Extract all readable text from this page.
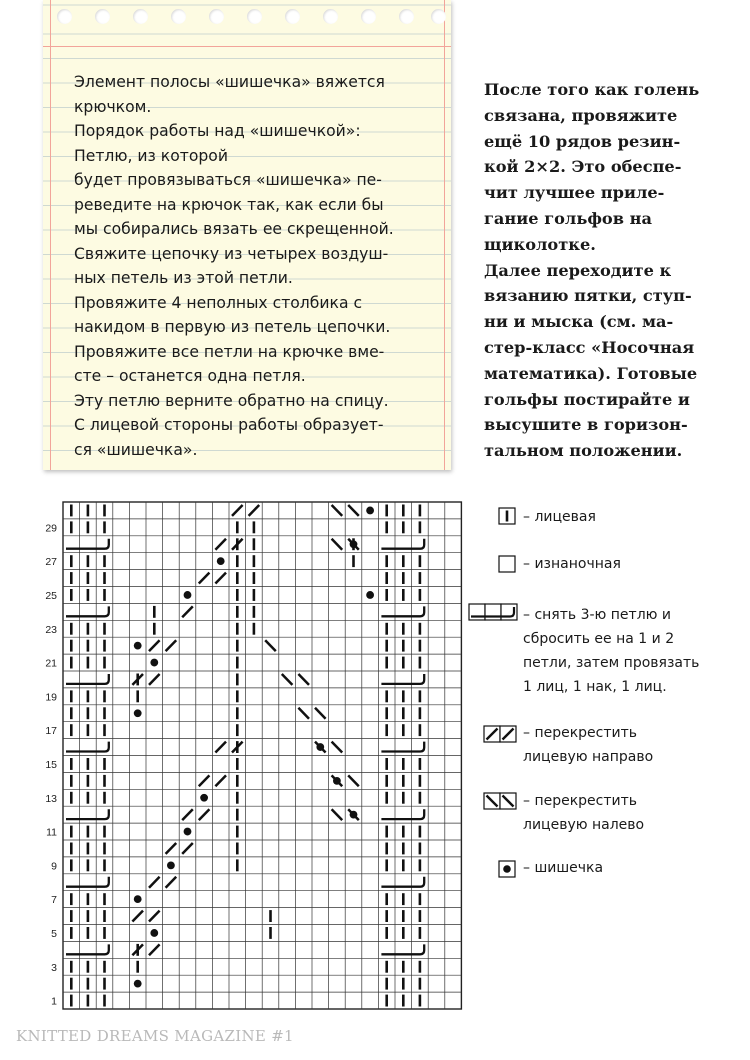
Элемент полосы «шишечка» вяжется
крючком.
Порядок работы над «шишечкой»:
Петлю, из которой
будет провязываться «шишечка» пе-
реведите на крючок так, как если бы
мы собирались вязать ее скрещенной.
Свяжите цепочку из четырех воздуш-
ных петель из этой петли.
Провяжите 4 неполных столбика с
накидом в первую из петель цепочки.
Провяжите все петли на крючке вме-
сте – останется одна петля.
Эту петлю верните обратно на спицу.
С лицевой стороны работы образует-
ся «шишечка».
После того как голень
связана, провяжите
ещё 10 рядов резин-
кой 2×2. Это обеспе-
чит лучшее приле-
гание гольфов на
щиколотке.
Далее переходите к
вязанию пятки, ступ-
ни и мыска (см. ма-
стер-класс «Носочная
математика). Готовые
гольфы постирайте и
высушите в горизон-
тальном положении.
1
3
5
7
9
11
13
15
17
19
21
23
25
27
29
– лицевая
– изнаночная
– снять 3-ю петлю и
сбросить ее на 1 и 2
петли, затем провязать
1 лиц, 1 нак, 1 лиц.
– перекрестить
лицевую направо
– перекрестить
лицевую налево
– шишечка
KNITTED DREAMS MAGAZINE #1
